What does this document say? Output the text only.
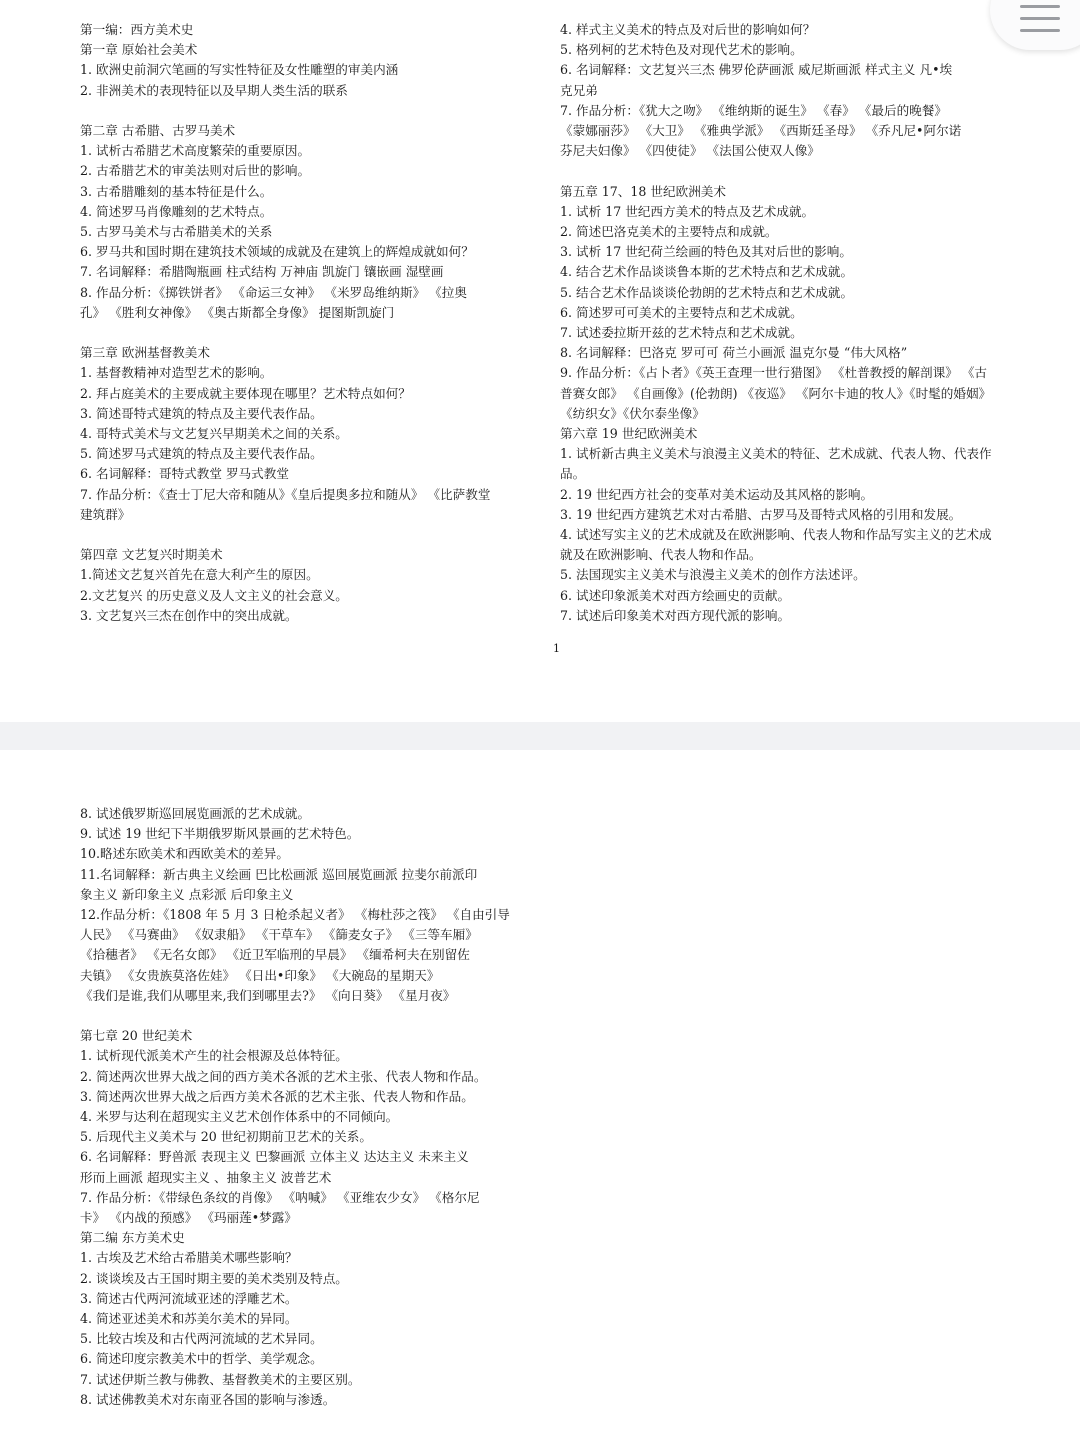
第一编：西方美术史
第一章 原始社会美术
1. 欧洲史前洞穴笔画的写实性特征及女性雕塑的审美内涵
2. 非洲美术的表现特征以及早期人类生活的联系
第二章 古希腊、古罗马美术
1. 试析古希腊艺术高度繁荣的重要原因。
2. 古希腊艺术的审美法则对后世的影响。
3. 古希腊雕刻的基本特征是什么。
4. 简述罗马肖像雕刻的艺术特点。
5. 古罗马美术与古希腊美术的关系
6. 罗马共和国时期在建筑技术领域的成就及在建筑上的辉煌成就如何？
7. 名词解释：希腊陶瓶画 柱式结构 万神庙 凯旋门 镶嵌画 湿壁画
8. 作品分析：《掷铁饼者》 《命运三女神》 《米罗岛维纳斯》 《拉奥
孔》 《胜利女神像》 《奥古斯都全身像》 提图斯凯旋门
第三章 欧洲基督教美术
1. 基督教精神对造型艺术的影响。
2. 拜占庭美术的主要成就主要体现在哪里？艺术特点如何？
3. 简述哥特式建筑的特点及主要代表作品。
4. 哥特式美术与文艺复兴早期美术之间的关系。
5. 简述罗马式建筑的特点及主要代表作品。
6. 名词解释：哥特式教堂 罗马式教堂
7. 作品分析：《查士丁尼大帝和随从》《皇后提奥多拉和随从》 《比萨教堂
建筑群》
第四章 文艺复兴时期美术
1.简述文艺复兴首先在意大利产生的原因。
2.文艺复兴 的历史意义及人文主义的社会意义。
3. 文艺复兴三杰在创作中的突出成就。
4. 样式主义美术的特点及对后世的影响如何？
5. 格列柯的艺术特色及对现代艺术的影响。
6. 名词解释：文艺复兴三杰 佛罗伦萨画派 威尼斯画派 样式主义 凡•埃
克兄弟
7. 作品分析：《犹大之吻》 《维纳斯的诞生》 《春》 《最后的晚餐》
《蒙娜丽莎》 《大卫》 《雅典学派》 《西斯廷圣母》 《乔凡尼•阿尔诺
芬尼夫妇像》 《四使徒》 《法国公使双人像》
第五章 17、18 世纪欧洲美术
1. 试析 17 世纪西方美术的特点及艺术成就。
2. 简述巴洛克美术的主要特点和成就。
3. 试析 17 世纪荷兰绘画的特色及其对后世的影响。
4. 结合艺术作品谈谈鲁本斯的艺术特点和艺术成就。
5. 结合艺术作品谈谈伦勃朗的艺术特点和艺术成就。
6. 简述罗可可美术的主要特点和艺术成就。
7. 试述委拉斯开兹的艺术特点和艺术成就。
8. 名词解释：巴洛克 罗可可 荷兰小画派 温克尔曼 “伟大风格”
9. 作品分析：《占卜者》《英王查理一世行猎图》 《杜普教授的解剖课》 《古
普赛女郎》 《自画像》(伦勃朗) 《夜巡》 《阿尔卡迪的牧人》《时髦的婚姻》
《纺织女》《伏尔泰坐像》
第六章 19 世纪欧洲美术
1. 试析新古典主义美术与浪漫主义美术的特征、艺术成就、代表人物、代表作
品。
2. 19 世纪西方社会的变革对美术运动及其风格的影响。
3. 19 世纪西方建筑艺术对古希腊、古罗马及哥特式风格的引用和发展。
4. 试述写实主义的艺术成就及在欧洲影响、代表人物和作品写实主义的艺术成
就及在欧洲影响、代表人物和作品。
5. 法国现实主义美术与浪漫主义美术的创作方法述评。
6. 试述印象派美术对西方绘画史的贡献。
7. 试述后印象美术对西方现代派的影响。
1
8. 试述俄罗斯巡回展览画派的艺术成就。
9. 试述 19 世纪下半期俄罗斯风景画的艺术特色。
10.略述东欧美术和西欧美术的差异。
11.名词解释：新古典主义绘画 巴比松画派 巡回展览画派 拉斐尔前派印
象主义 新印象主义 点彩派 后印象主义
12.作品分析：《1808 年 5 月 3 日枪杀起义者》 《梅杜莎之筏》 《自由引导
人民》 《马赛曲》 《奴隶船》 《干草车》 《篩麦女子》 《三等车厢》
《拾穗者》 《无名女郎》 《近卫军临刑的早晨》 《缅希柯夫在别留佐
夫镇》 《女贵族莫洛佐娃》 《日出•印象》 《大碗岛的星期天》
《我们是谁,我们从哪里来,我们到哪里去?》 《向日葵》 《星月夜》
第七章 20 世纪美术
1. 试析现代派美术产生的社会根源及总体特征。
2. 简述两次世界大战之间的西方美术各派的艺术主张、代表人物和作品。
3. 简述两次世界大战之后西方美术各派的艺术主张、代表人物和作品。
4. 米罗与达利在超现实主义艺术创作体系中的不同倾向。
5. 后现代主义美术与 20 世纪初期前卫艺术的关系。
6. 名词解释：野兽派 表现主义 巴黎画派 立体主义 达达主义 未来主义
形而上画派 超现实主义 、抽象主义 波普艺术
7. 作品分析：《带绿色条纹的肖像》 《呐喊》 《亚维农少女》 《格尔尼
卡》 《内战的预感》 《玛丽莲•梦露》
第二编 东方美术史
1. 古埃及艺术给古希腊美术哪些影响？
2. 谈谈埃及古王国时期主要的美术类别及特点。
3. 简述古代两河流域亚述的浮雕艺术。
4. 简述亚述美术和苏美尔美术的异同。
5. 比较古埃及和古代两河流域的艺术异同。
6. 简述印度宗教美术中的哲学、美学观念。
7. 试述伊斯兰教与佛教、基督教美术的主要区别。
8. 试述佛教美术对东南亚各国的影响与渗透。
